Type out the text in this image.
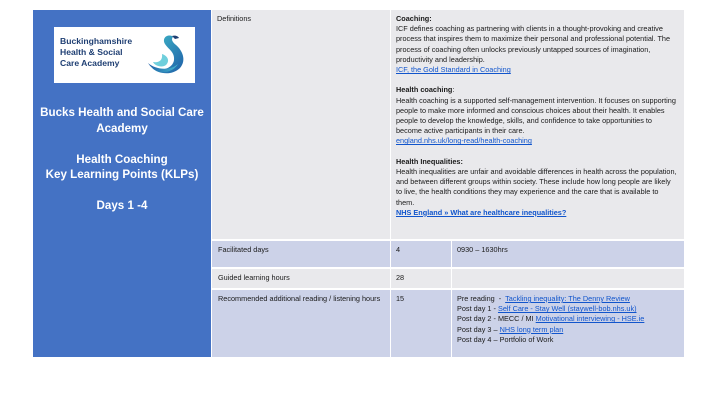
Buckinghamshire
Health & Social
Care Academy
Bucks Health and Social Care
Academy
Health Coaching
Key Learning Points (KLPs)
Days 1 -4
Definitions	Coaching:
ICF defines coaching as partnering with clients in a thought-provoking and creative process that inspires them to maximize their personal and professional potential. The process of coaching often unlocks previously untapped sources of imagination, productivity and leadership.
ICF, the Gold Standard in Coaching
Health coaching:
Health coaching is a supported self-management intervention. It focuses on supporting people to make more informed and conscious choices about their health. It enables people to develop the knowledge, skills, and confidence to take opportunities to become active participants in their care.
england.nhs.uk/long-read/health-coaching
Health Inequalities:
Health inequalities are unfair and avoidable differences in health across the population, and between different groups within society. These include how long people are likely to live, the health conditions they may experience and the care that is available to them.
NHS England » What are healthcare inequalities?
Facilitated days	4	0930 – 1630hrs
Guided learning hours	28
Recommended additional reading / listening hours	15	Pre reading  -  Tackling inequality: The Denny Review
Post day 1 - Self Care - Stay Well (staywell-bob.nhs.uk)
Post day 2 - MECC / MI Motivational interviewing - HSE.ie
Post day 3 – NHS long term plan
Post day 4 – Portfolio of Work
